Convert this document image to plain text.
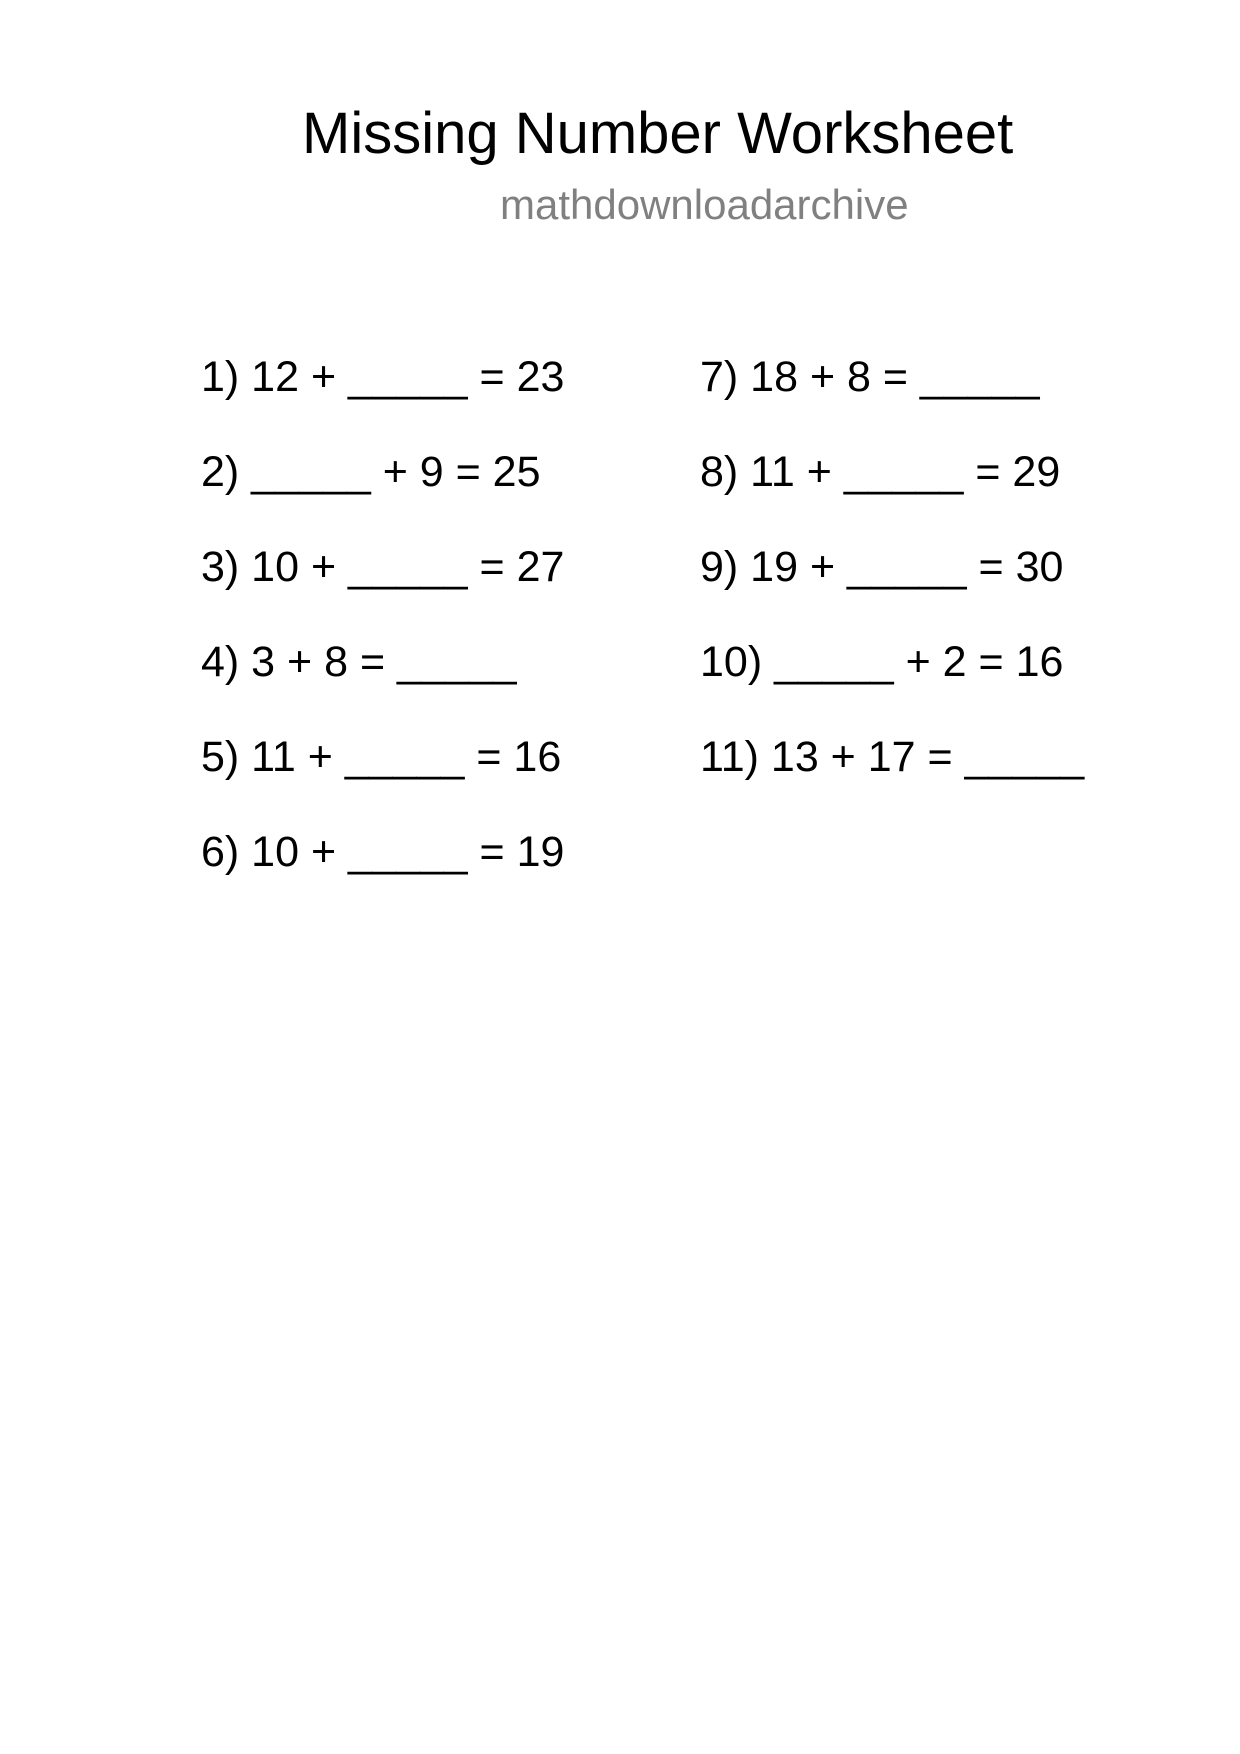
Missing Number Worksheet
mathdownloadarchive
1) 12 + _____ = 23
2) _____ + 9 = 25
3) 10 + _____ = 27
4) 3 + 8 = _____
5) 11 + _____ = 16
6) 10 + _____ = 19
7) 18 + 8 = _____
8) 11 + _____ = 29
9) 19 + _____ = 30
10) _____ + 2 = 16
11) 13 + 17 = _____
